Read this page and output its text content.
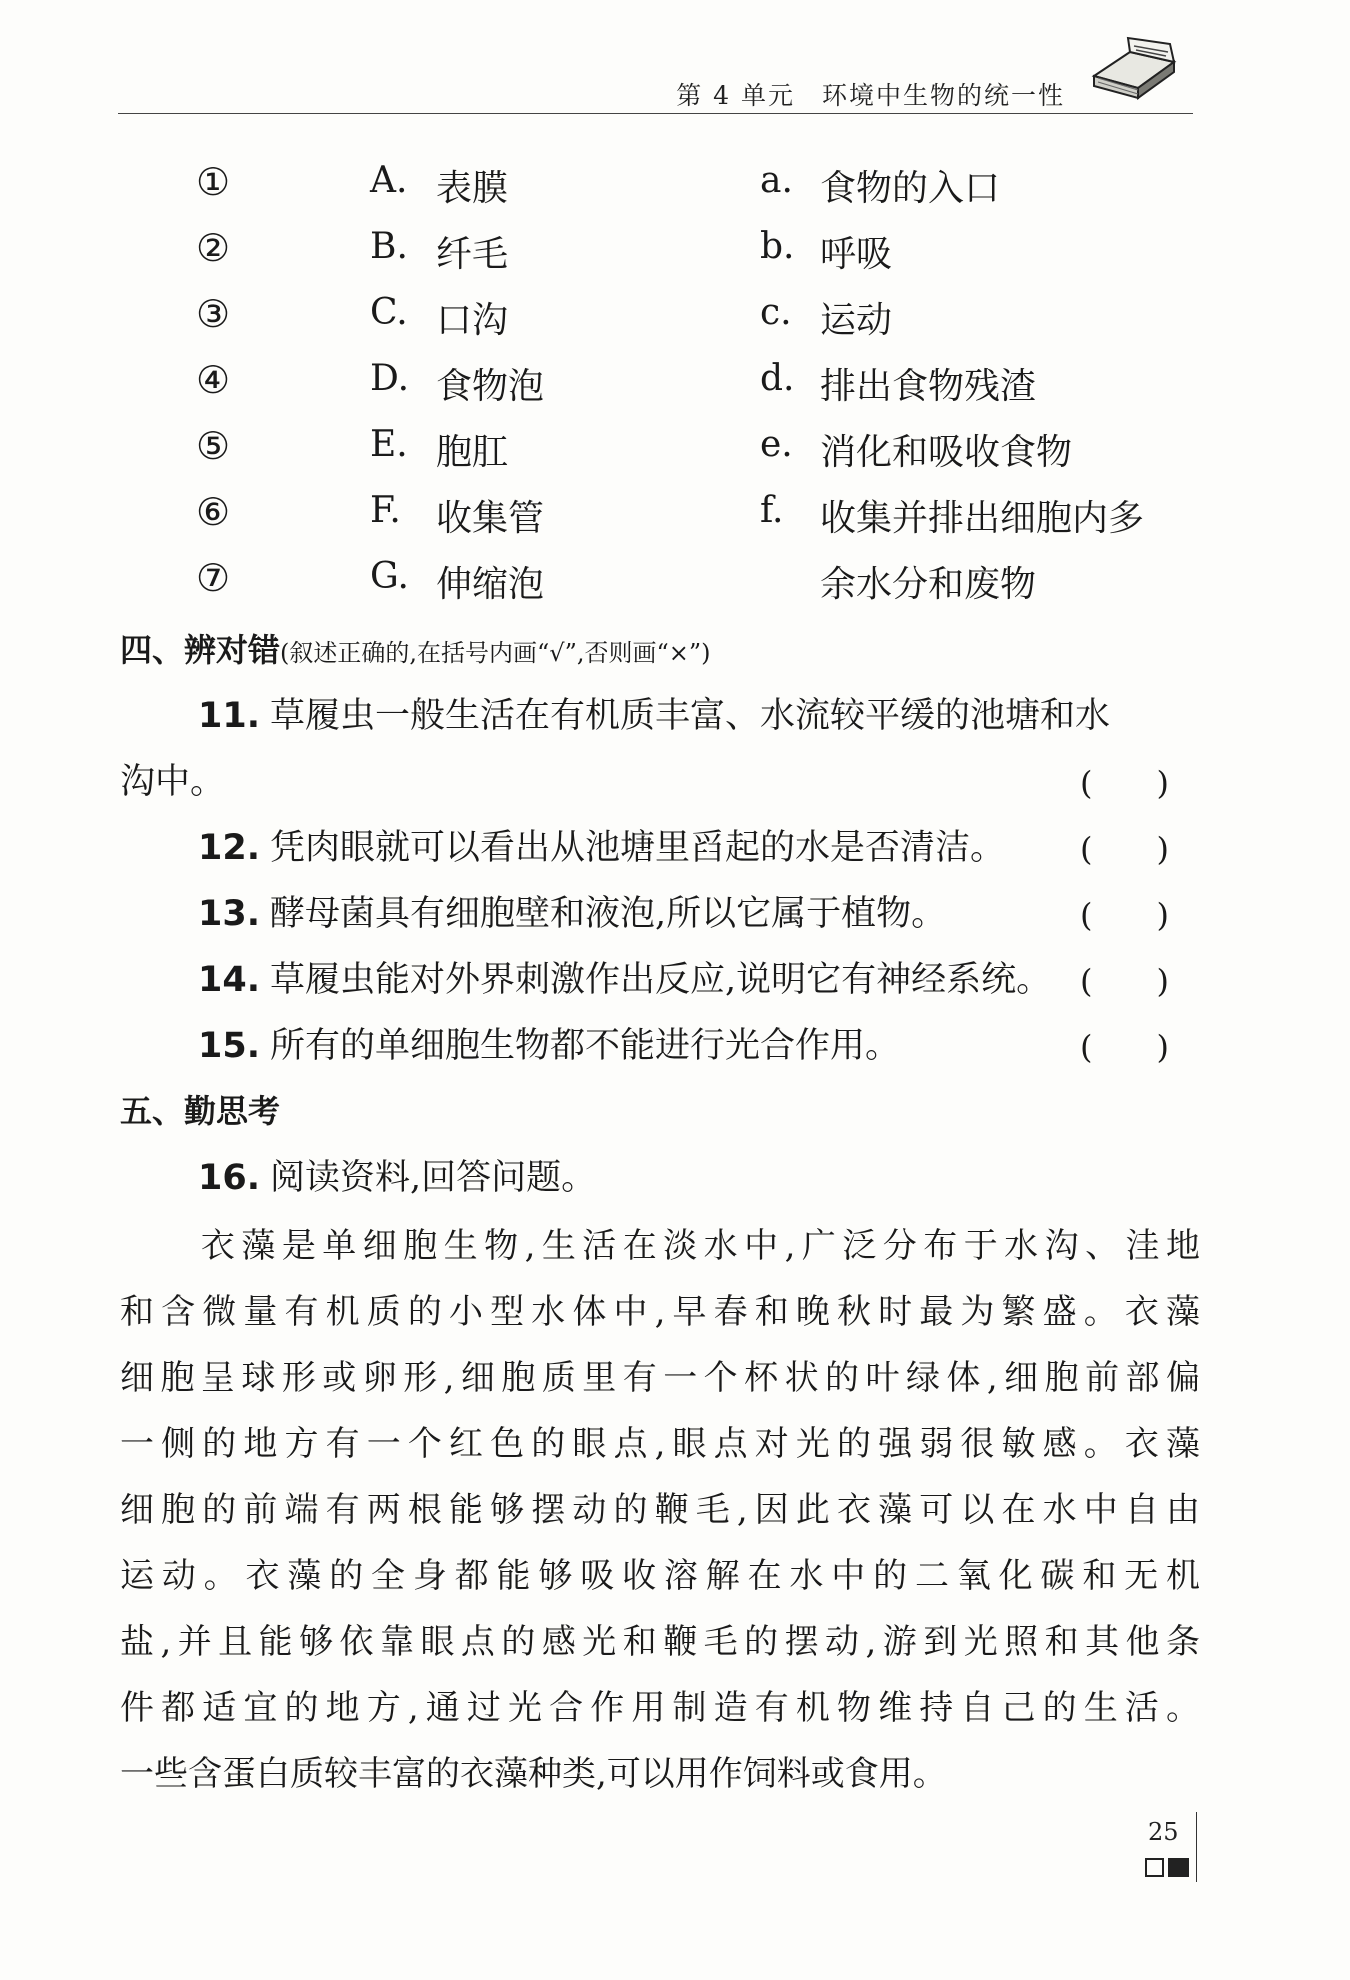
第 4 单元　环境中生物的统一性
①	A. 表膜	a. 食物的入口
②	B. 纤毛	b. 呼吸
③	C. 口沟	c. 运动
④	D. 食物泡	d. 排出食物残渣
⑤	E. 胞肛	e. 消化和吸收食物
⑥	F. 收集管	f. 收集并排出细胞内多
⑦	G. 伸缩泡	余水分和废物
四、辨对错(叙述正确的,在括号内画“√”,否则画“×”)
11. 草履虫一般生活在有机质丰富、水流较平缓的池塘和水
沟中。	(　　)
12. 凭肉眼就可以看出从池塘里舀起的水是否清洁。 (　　)
13. 酵母菌具有细胞壁和液泡,所以它属于植物。	(　　)
14. 草履虫能对外界刺激作出反应,说明它有神经系统。 (　　)
15. 所有的单细胞生物都不能进行光合作用。	(　　)
五、勤思考
16. 阅读资料,回答问题。
　　衣藻是单细胞生物,生活在淡水中,广泛分布于水沟、洼地
和含微量有机质的小型水体中,早春和晚秋时最为繁盛。衣藻
细胞呈球形或卵形,细胞质里有一个杯状的叶绿体,细胞前部偏
一侧的地方有一个红色的眼点,眼点对光的强弱很敏感。衣藻
细胞的前端有两根能够摆动的鞭毛,因此衣藻可以在水中自由
运动。衣藻的全身都能够吸收溶解在水中的二氧化碳和无机
盐,并且能够依靠眼点的感光和鞭毛的摆动,游到光照和其他条
件都适宜的地方,通过光合作用制造有机物维持自己的生活。
一些含蛋白质较丰富的衣藻种类,可以用作饲料或食用。
25
